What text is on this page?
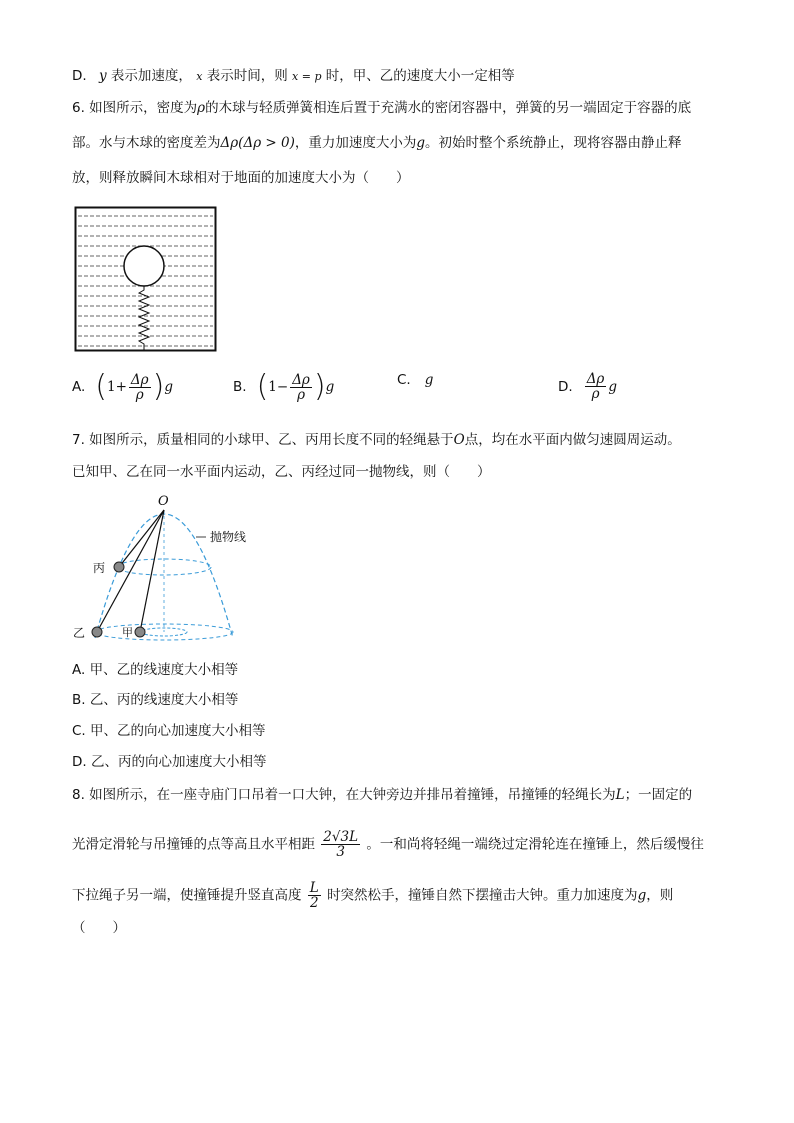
D. y 表示加速度， x 表示时间，则 x = p 时，甲、乙的速度大小一定相等
6. 如图所示，密度为ρ的木球与轻质弹簧相连后置于充满水的密闭容器中，弹簧的另一端固定于容器的底
部。水与木球的密度差为Δρ(Δρ > 0)，重力加速度大小为g。初始时整个系统静止，现将容器由静止释
放，则释放瞬间木球相对于地面的加速度大小为（　　）
A. ( $1+ \frac{\Delta\rho}{\rho}$ ) g	B. ( $1- \frac{\Delta\rho}{\rho}$ ) g	C. g	D. $\frac{\Delta\rho}{\rho}$ g
7. 如图所示，质量相同的小球甲、乙、丙用长度不同的轻绳悬于O点，均在水平面内做匀速圆周运动。
已知甲、乙在同一水平面内运动，乙、丙经过同一抛物线，则（　　）
O
抛物线
丙
乙	甲
A. 甲、乙的线速度大小相等
B. 乙、丙的线速度大小相等
C. 甲、乙的向心加速度大小相等
D. 乙、丙的向心加速度大小相等
8. 如图所示，在一座寺庙门口吊着一口大钟，在大钟旁边并排吊着撞锤，吊撞锤的轻绳长为L；一固定的
光滑定滑轮与吊撞锤的点等高且水平相距 $\frac{2√3L}{3}$ 。一和尚将轻绳一端绕过定滑轮连在撞锤上，然后缓慢往
下拉绳子另一端，使撞锤提升竖直高度 $\frac{L}{2}$ 时突然松手，撞锤自然下摆撞击大钟。重力加速度为g，则
（　　）
